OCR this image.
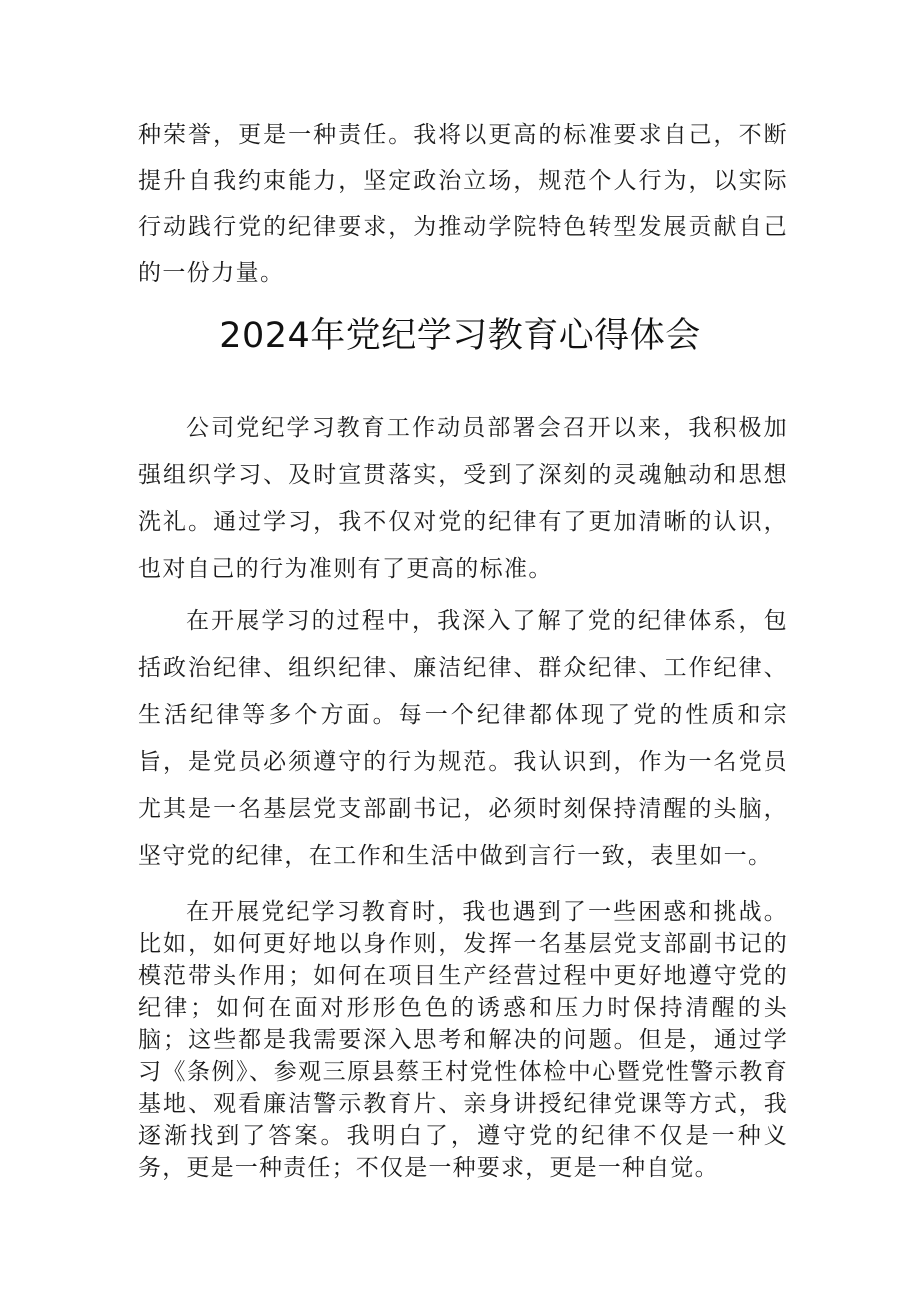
种荣誉，更是一种责任。我将以更高的标准要求自己，不断提升自我约束能力，坚定政治立场，规范个人行为，以实际行动践行党的纪律要求，为推动学院特色转型发展贡献自己的一份力量。

2024年党纪学习教育心得体会

公司党纪学习教育工作动员部署会召开以来，我积极加强组织学习、及时宣贯落实，受到了深刻的灵魂触动和思想洗礼。通过学习，我不仅对党的纪律有了更加清晰的认识，也对自己的行为准则有了更高的标准。

在开展学习的过程中，我深入了解了党的纪律体系，包括政治纪律、组织纪律、廉洁纪律、群众纪律、工作纪律、生活纪律等多个方面。每一个纪律都体现了党的性质和宗旨，是党员必须遵守的行为规范。我认识到，作为一名党员尤其是一名基层党支部副书记，必须时刻保持清醒的头脑，坚守党的纪律，在工作和生活中做到言行一致，表里如一。

在开展党纪学习教育时，我也遇到了一些困惑和挑战。比如，如何更好地以身作则，发挥一名基层党支部副书记的模范带头作用；如何在项目生产经营过程中更好地遵守党的纪律；如何在面对形形色色的诱惑和压力时保持清醒的头脑；这些都是我需要深入思考和解决的问题。但是，通过学习《条例》、参观三原县蔡王村党性体检中心暨党性警示教育基地、观看廉洁警示教育片、亲身讲授纪律党课等方式，我逐渐找到了答案。我明白了，遵守党的纪律不仅是一种义务，更是一种责任；不仅是一种要求，更是一种自觉。
